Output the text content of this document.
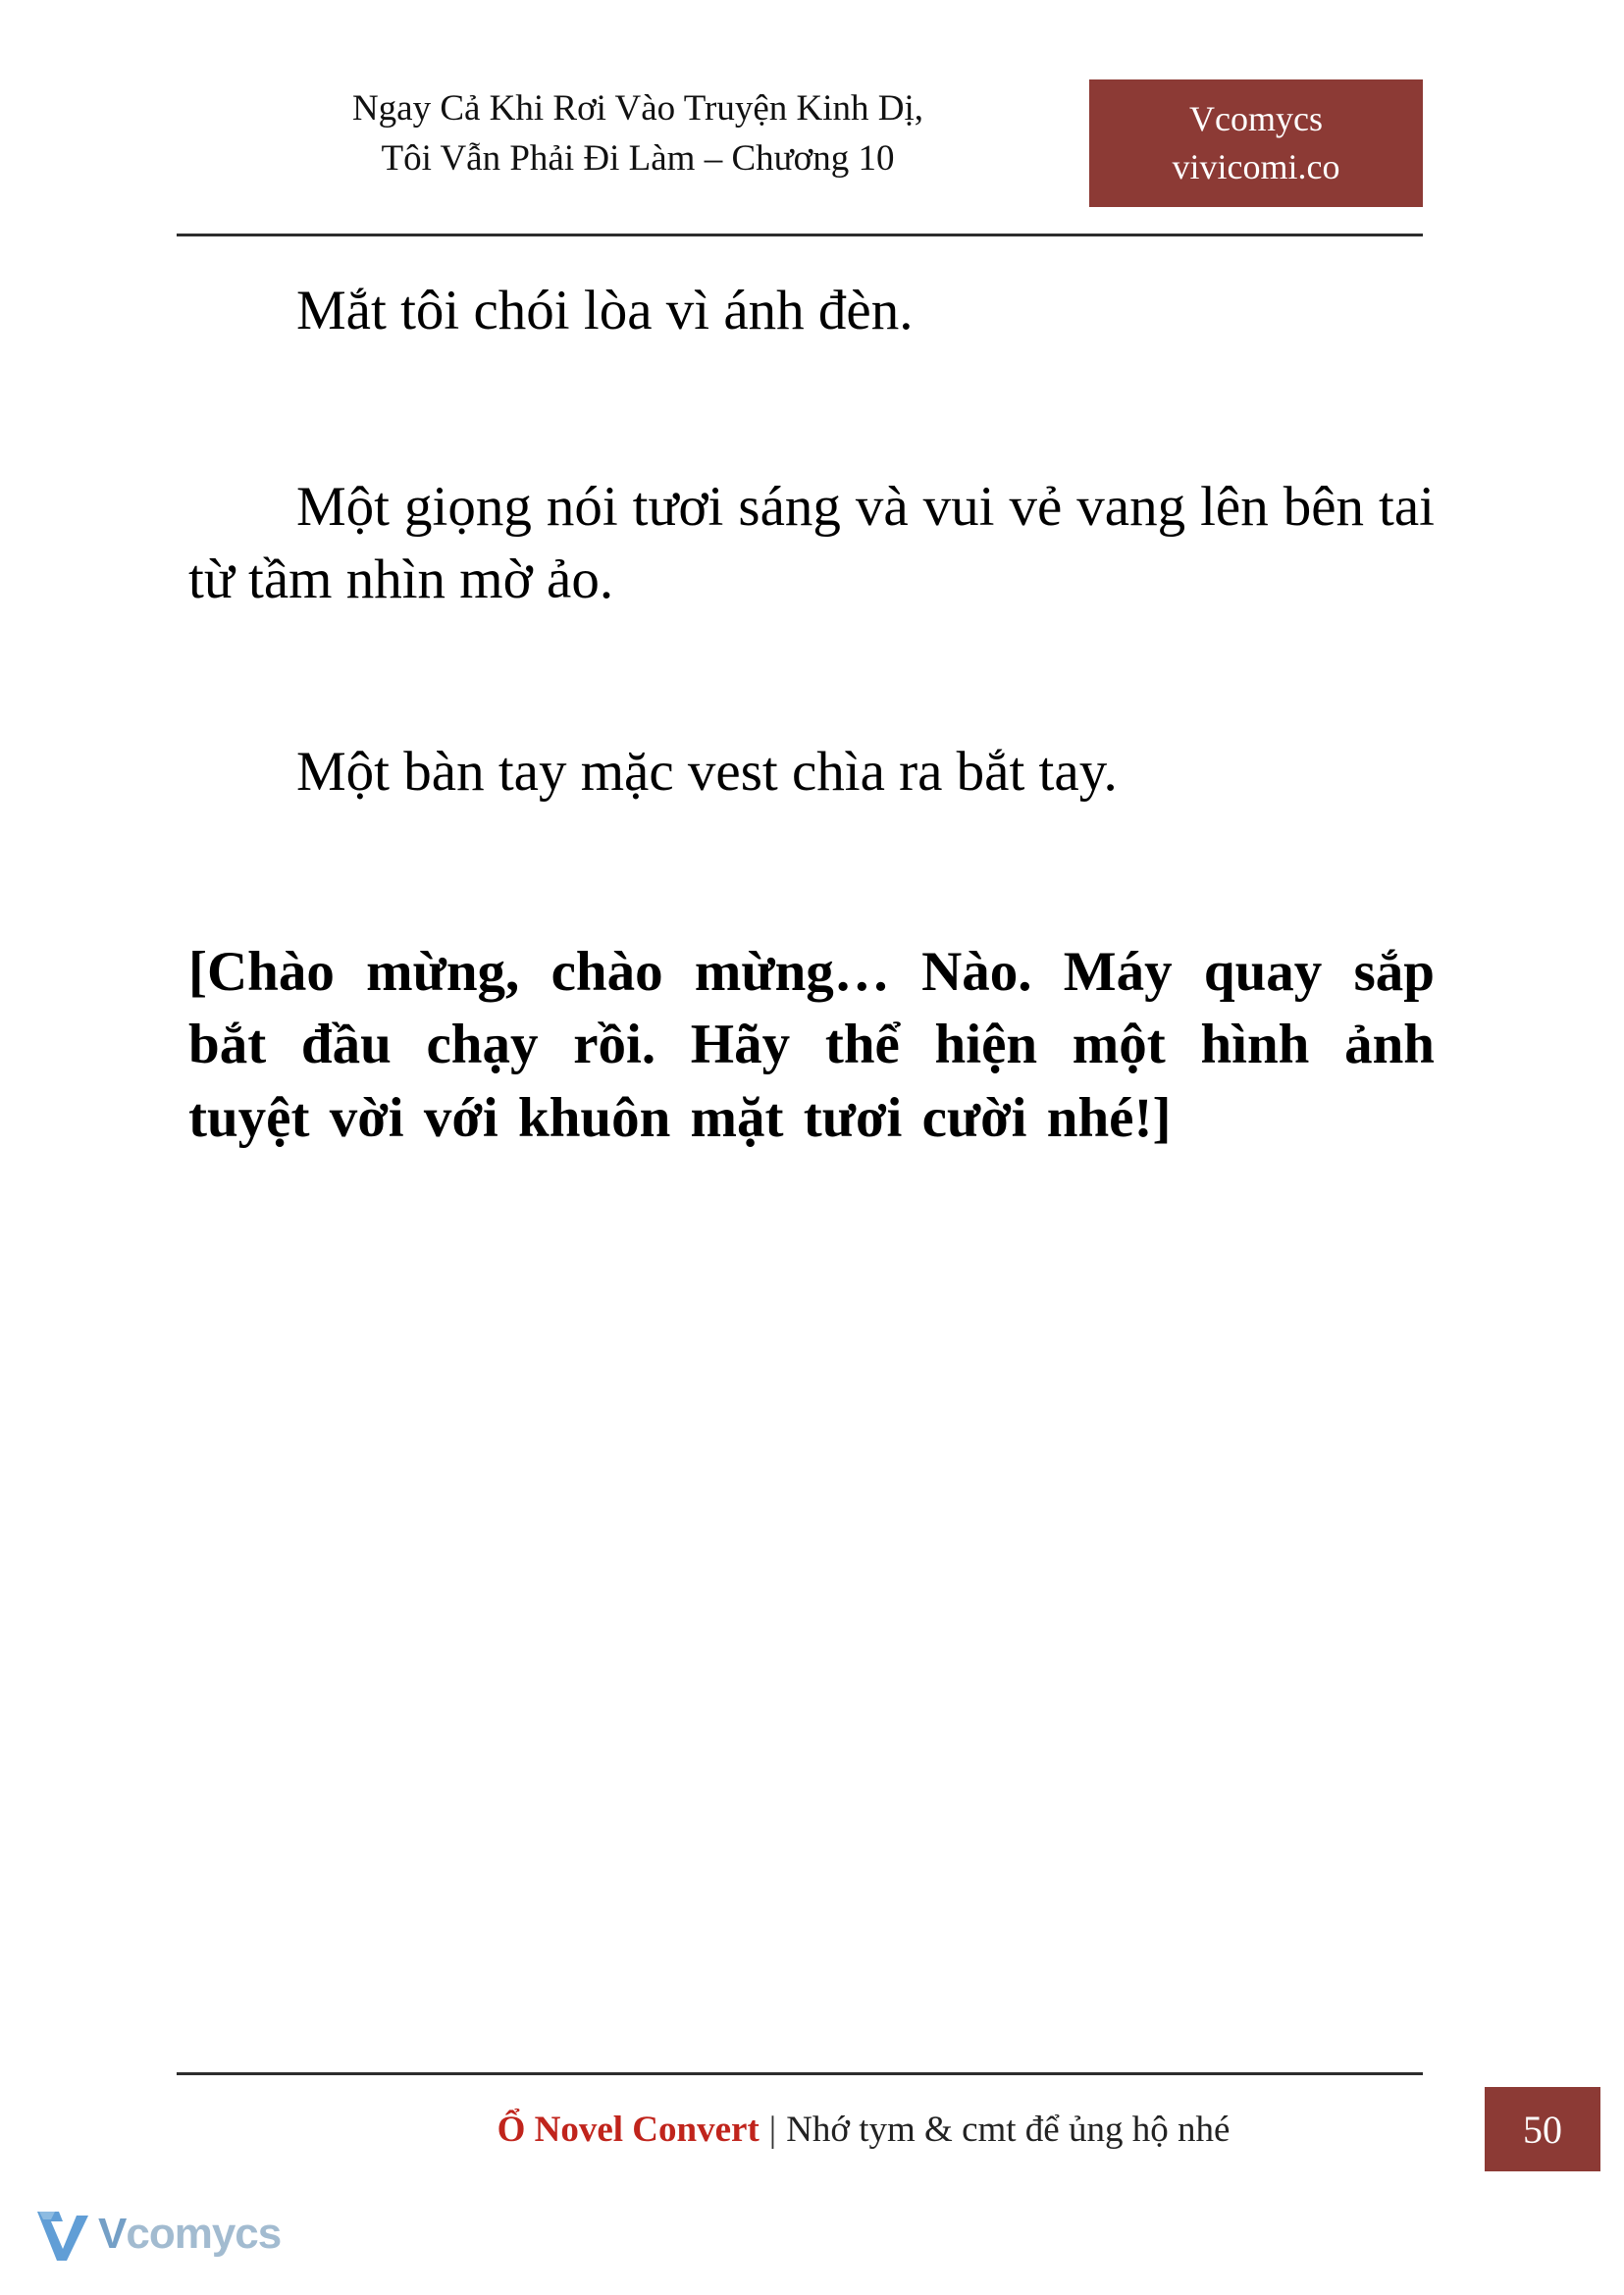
Ngay Cả Khi Rơi Vào Truyện Kinh Dị,
Tôi Vẫn Phải Đi Làm – Chương 10
Vcomycs
vivicomi.co

Mắt tôi chói lòa vì ánh đèn.

Một giọng nói tươi sáng và vui vẻ vang lên bên tai từ tầm nhìn mờ ảo.

Một bàn tay mặc vest chìa ra bắt tay.

[Chào mừng, chào mừng… Nào. Máy quay sắp bắt đầu chạy rồi. Hãy thể hiện một hình ảnh tuyệt vời với khuôn mặt tươi cười nhé!]

Ổ Novel Convert | Nhớ tym & cmt để ủng hộ nhé	50
Vcomycs
